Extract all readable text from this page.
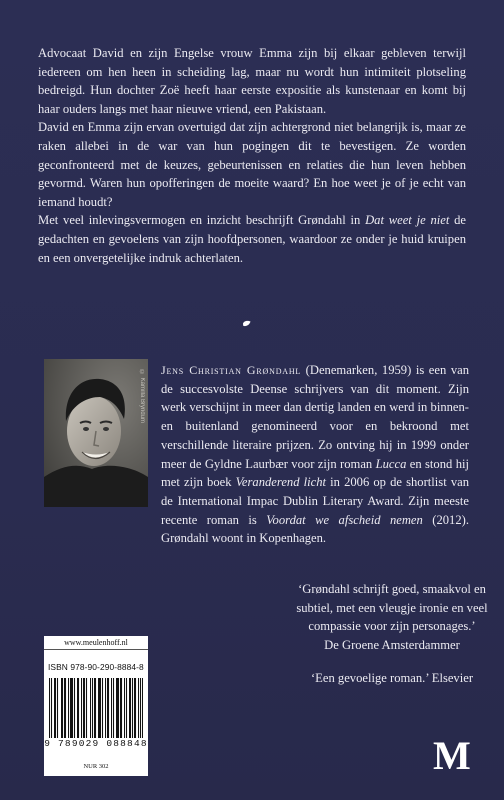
Advocaat David en zijn Engelse vrouw Emma zijn bij elkaar gebleven terwijl iedereen om hen heen in scheiding lag, maar nu wordt hun intimiteit plotseling bedreigd. Hun dochter Zoë heeft haar eerste expositie als kunstenaar en komt bij haar ouders langs met haar nieuwe vriend, een Pakistaan.

David en Emma zijn ervan overtuigd dat zijn achtergrond niet belangrijk is, maar ze raken allebei in de war van hun pogingen dit te bevestigen. Ze worden geconfronteerd met de keuzes, gebeurtenissen en relaties die hun leven hebben gevormd. Waren hun opofferingen de moeite waard? En hoe weet je of je echt van iemand houdt?

Met veel inlevingsvermogen en inzicht beschrijft Grøndahl in Dat weet je niet de gedachten en gevoelens van zijn hoofdpersonen, waardoor ze onder je huid kruipen en een onvergetelijke indruk achterlaten.

© Kamilla Bryndum Jens Christian Grøndahl (Denemarken, 1959) is een van de succesvolste Deense schrijvers van dit moment. Zijn werk verschijnt in meer dan dertig landen en werd in binnen- en buitenland genomineerd voor en bekroond met verschillende literaire prijzen. Zo ontving hij in 1999 onder meer de Gyldne Laurbær voor zijn roman Lucca en stond hij met zijn boek Veranderend licht in 2006 op de shortlist van de International Impac Dublin Literary Award. Zijn meeste recente roman is Voordat we afscheid nemen (2012). Grøndahl woont in Kopenhagen.

‘Grøndahl schrijft goed, smaakvol en subtiel, met een vleugje ironie en veel compassie voor zijn personages.’

De Groene Amsterdammer

‘Een gevoelige roman.’ Elsevier

www.meulenhoff.nl
ISBN 978-90-290-8884-8
9 789029 088848
NUR 302	M
